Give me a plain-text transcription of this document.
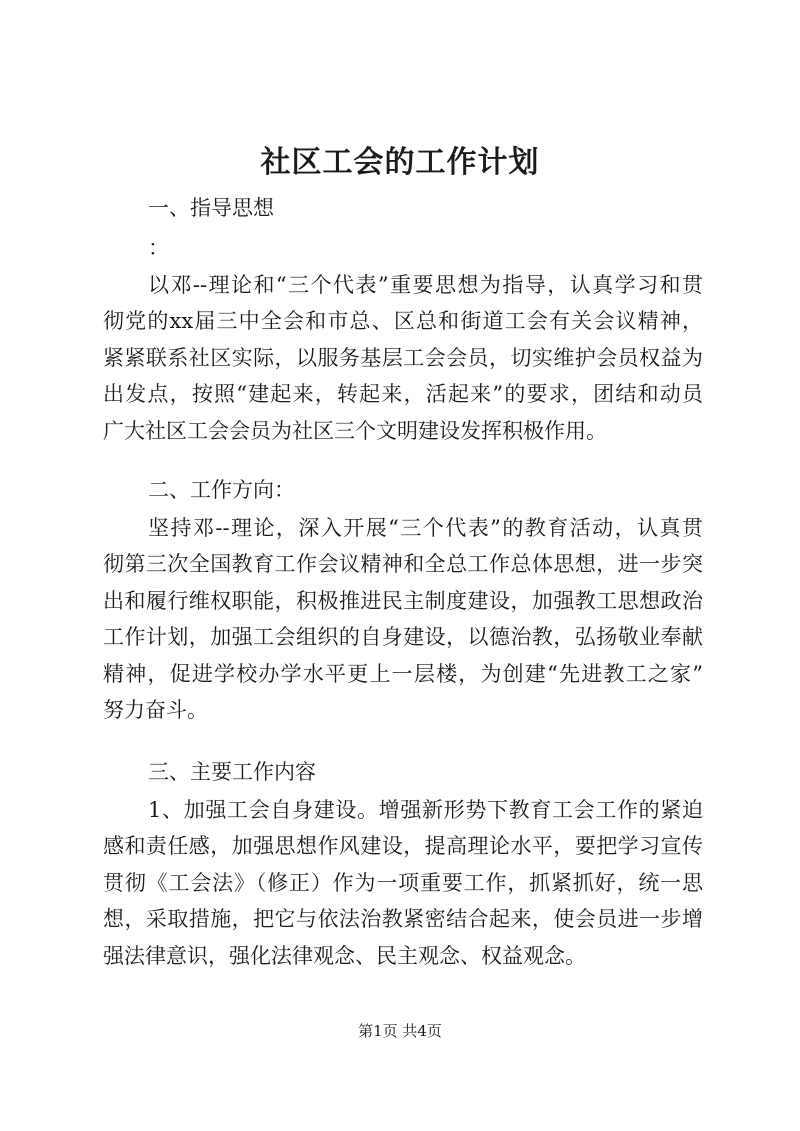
社区工会的工作计划
一、指导思想
：
以邓--理论和“三个代表”重要思想为指导，认真学习和贯
彻党的xx届三中全会和市总、区总和街道工会有关会议精神，
紧紧联系社区实际，以服务基层工会会员，切实维护会员权益为
出发点，按照“建起来，转起来，活起来”的要求，团结和动员
广大社区工会会员为社区三个文明建设发挥积极作用。
二、工作方向：
坚持邓--理论，深入开展“三个代表”的教育活动，认真贯
彻第三次全国教育工作会议精神和全总工作总体思想，进一步突
出和履行维权职能，积极推进民主制度建设，加强教工思想政治
工作计划，加强工会组织的自身建设，以德治教，弘扬敬业奉献
精神，促进学校办学水平更上一层楼，为创建“先进教工之家”
努力奋斗。
三、主要工作内容
1、加强工会自身建设。增强新形势下教育工会工作的紧迫
感和责任感，加强思想作风建设，提高理论水平，要把学习宣传
贯彻《工会法》（修正）作为一项重要工作，抓紧抓好，统一思
想，采取措施，把它与依法治教紧密结合起来，使会员进一步增
强法律意识，强化法律观念、民主观念、权益观念。
第1页 共4页
